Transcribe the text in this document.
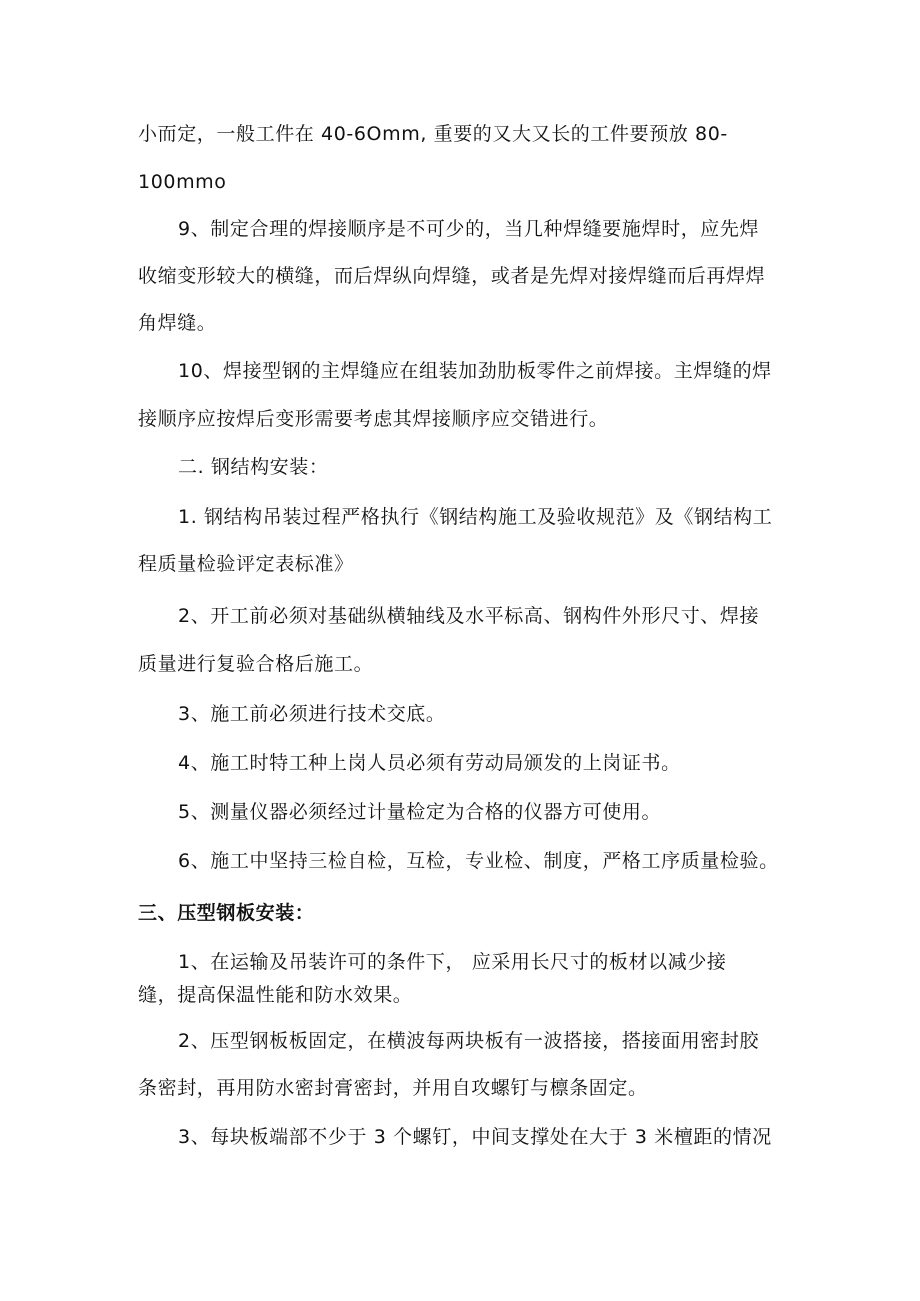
小而定，一般工件在 40-6Omm, 重要的又大又长的工件要预放 80-
100mmo
9、制定合理的焊接顺序是不可少的，当几种焊缝要施焊时，应先焊
收缩变形较大的横缝，而后焊纵向焊缝，或者是先焊对接焊缝而后再焊焊
角焊缝。
10、焊接型钢的主焊缝应在组装加劲肋板零件之前焊接。主焊缝的焊
接顺序应按焊后变形需要考虑其焊接顺序应交错进行。
二. 钢结构安装：
1. 钢结构吊装过程严格执行《钢结构施工及验收规范》及《钢结构工
程质量检验评定表标准》
2、开工前必须对基础纵横轴线及水平标高、钢构件外形尺寸、焊接
质量进行复验合格后施工。
3、施工前必须进行技术交底。
4、施工时特工种上岗人员必须有劳动局颁发的上岗证书。
5、测量仪器必须经过计量检定为合格的仪器方可使用。
6、施工中坚持三检自检，互检，专业检、制度，严格工序质量检验。
三、压型钢板安装：
1、在运输及吊装许可的条件下， 应采用长尺寸的板材以减少接
缝，提高保温性能和防水效果。
2、压型钢板板固定，在横波每两块板有一波搭接，搭接面用密封胶
条密封，再用防水密封膏密封，并用自攻螺钉与檩条固定。
3、每块板端部不少于 3 个螺钉，中间支撑处在大于 3 米檀距的情况
